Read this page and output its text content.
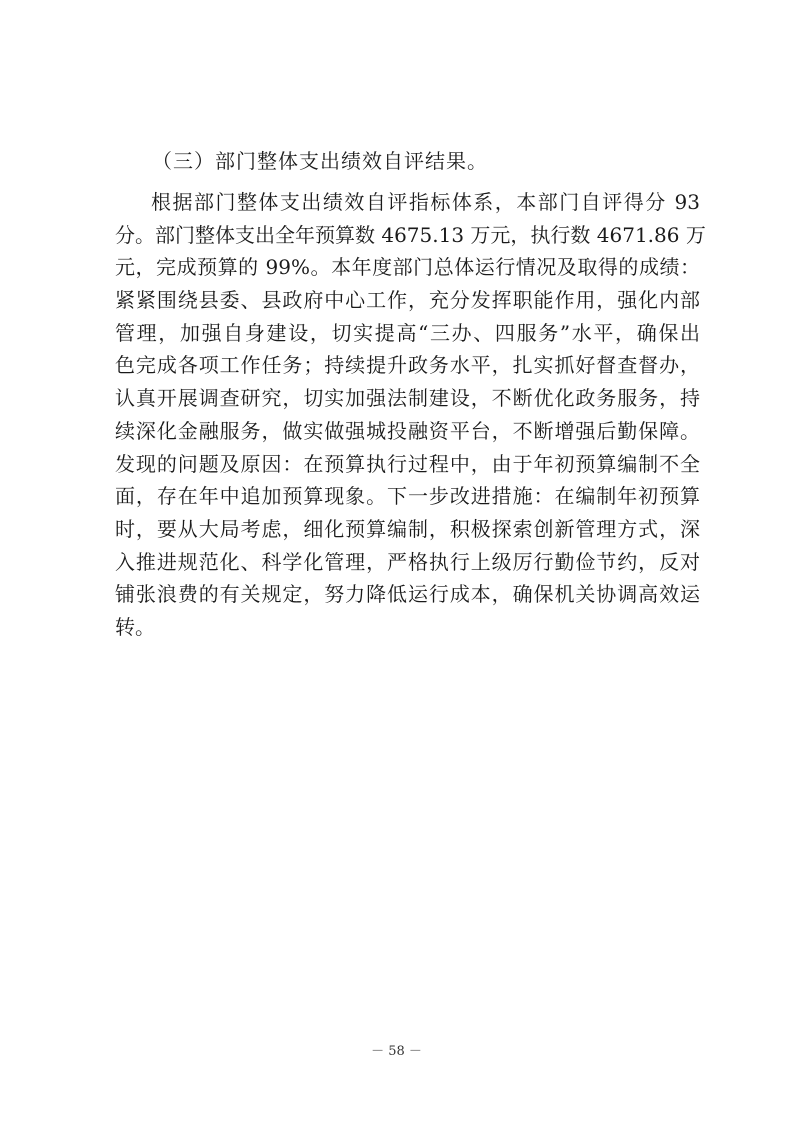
（三）部门整体支出绩效自评结果。
根据部门整体支出绩效自评指标体系，本部门自评得分 93
分。部门整体支出全年预算数 4675.13 万元，执行数 4671.86 万
元，完成预算的 99%。本年度部门总体运行情况及取得的成绩：
紧紧围绕县委、县政府中心工作，充分发挥职能作用，强化内部
管理，加强自身建设，切实提高“三办、四服务”水平，确保出
色完成各项工作任务；持续提升政务水平，扎实抓好督查督办，
认真开展调查研究，切实加强法制建设，不断优化政务服务，持
续深化金融服务，做实做强城投融资平台，不断增强后勤保障。
发现的问题及原因：在预算执行过程中，由于年初预算编制不全
面，存在年中追加预算现象。下一步改进措施：在编制年初预算
时，要从大局考虑，细化预算编制，积极探索创新管理方式，深
入推进规范化、科学化管理，严格执行上级厉行勤俭节约，反对
铺张浪费的有关规定，努力降低运行成本，确保机关协调高效运
转。
－ 58 －
